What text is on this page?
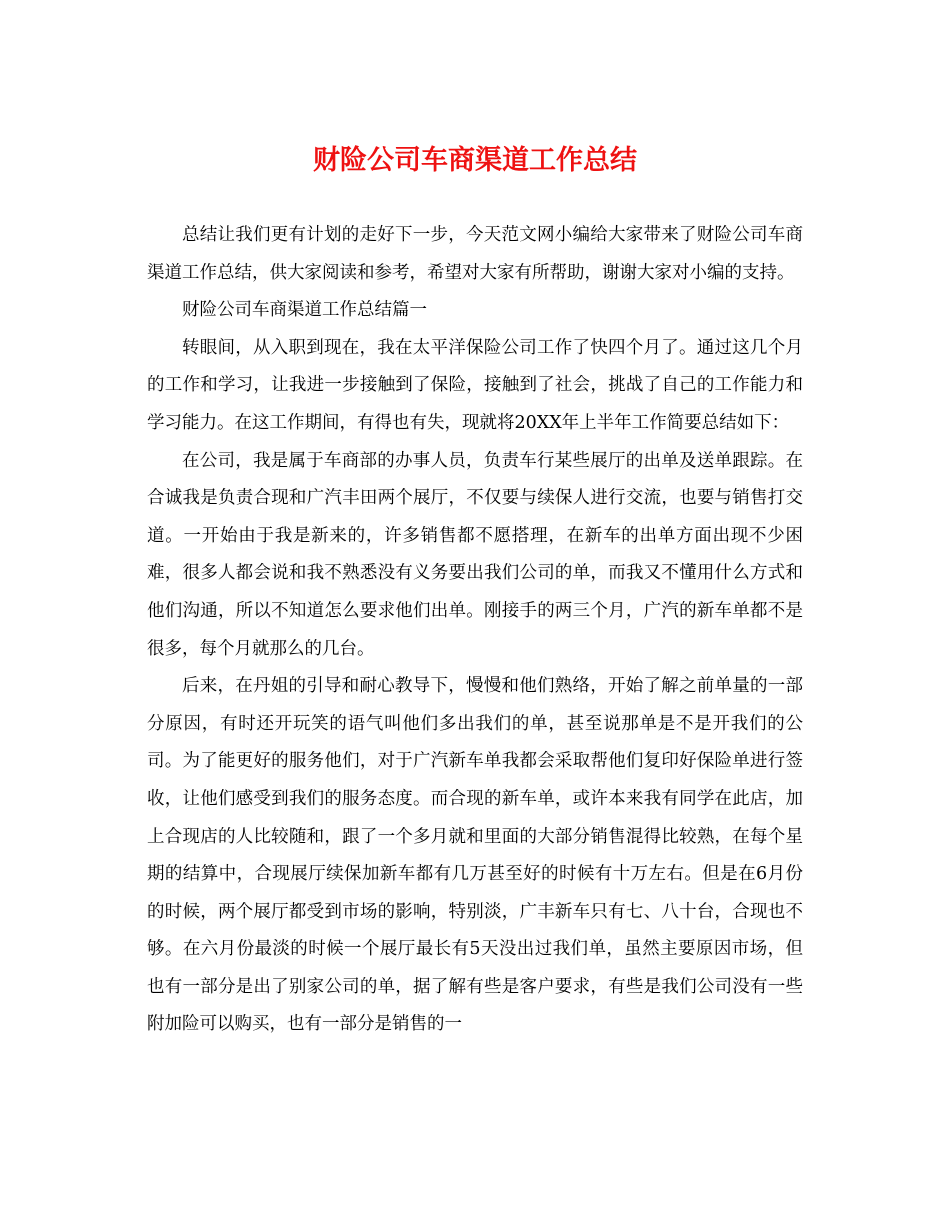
财险公司车商渠道工作总结

总结让我们更有计划的走好下一步，今天范文网小编给大家带来了财险公司车商渠道工作总结，供大家阅读和参考，希望对大家有所帮助，谢谢大家对小编的支持。

财险公司车商渠道工作总结篇一

转眼间，从入职到现在，我在太平洋保险公司工作了快四个月了。通过这几个月的工作和学习，让我进一步接触到了保险，接触到了社会，挑战了自己的工作能力和学习能力。在这工作期间，有得也有失，现就将20XX年上半年工作简要总结如下：

在公司，我是属于车商部的办事人员，负责车行某些展厅的出单及送单跟踪。在合诚我是负责合现和广汽丰田两个展厅，不仅要与续保人进行交流，也要与销售打交道。一开始由于我是新来的，许多销售都不愿搭理，在新车的出单方面出现不少困难，很多人都会说和我不熟悉没有义务要出我们公司的单，而我又不懂用什么方式和他们沟通，所以不知道怎么要求他们出单。刚接手的两三个月，广汽的新车单都不是很多，每个月就那么的几台。

后来，在丹姐的引导和耐心教导下，慢慢和他们熟络，开始了解之前单量的一部分原因，有时还开玩笑的语气叫他们多出我们的单，甚至说那单是不是开我们的公司。为了能更好的服务他们，对于广汽新车单我都会采取帮他们复印好保险单进行签收，让他们感受到我们的服务态度。而合现的新车单，或许本来我有同学在此店，加上合现店的人比较随和，跟了一个多月就和里面的大部分销售混得比较熟，在每个星期的结算中，合现展厅续保加新车都有几万甚至好的时候有十万左右。但是在6月份的时候，两个展厅都受到市场的影响，特别淡，广丰新车只有七、八十台，合现也不够。在六月份最淡的时候一个展厅最长有5天没出过我们单，虽然主要原因市场，但也有一部分是出了别家公司的单，据了解有些是客户要求，有些是我们公司没有一些附加险可以购买，也有一部分是销售的一
